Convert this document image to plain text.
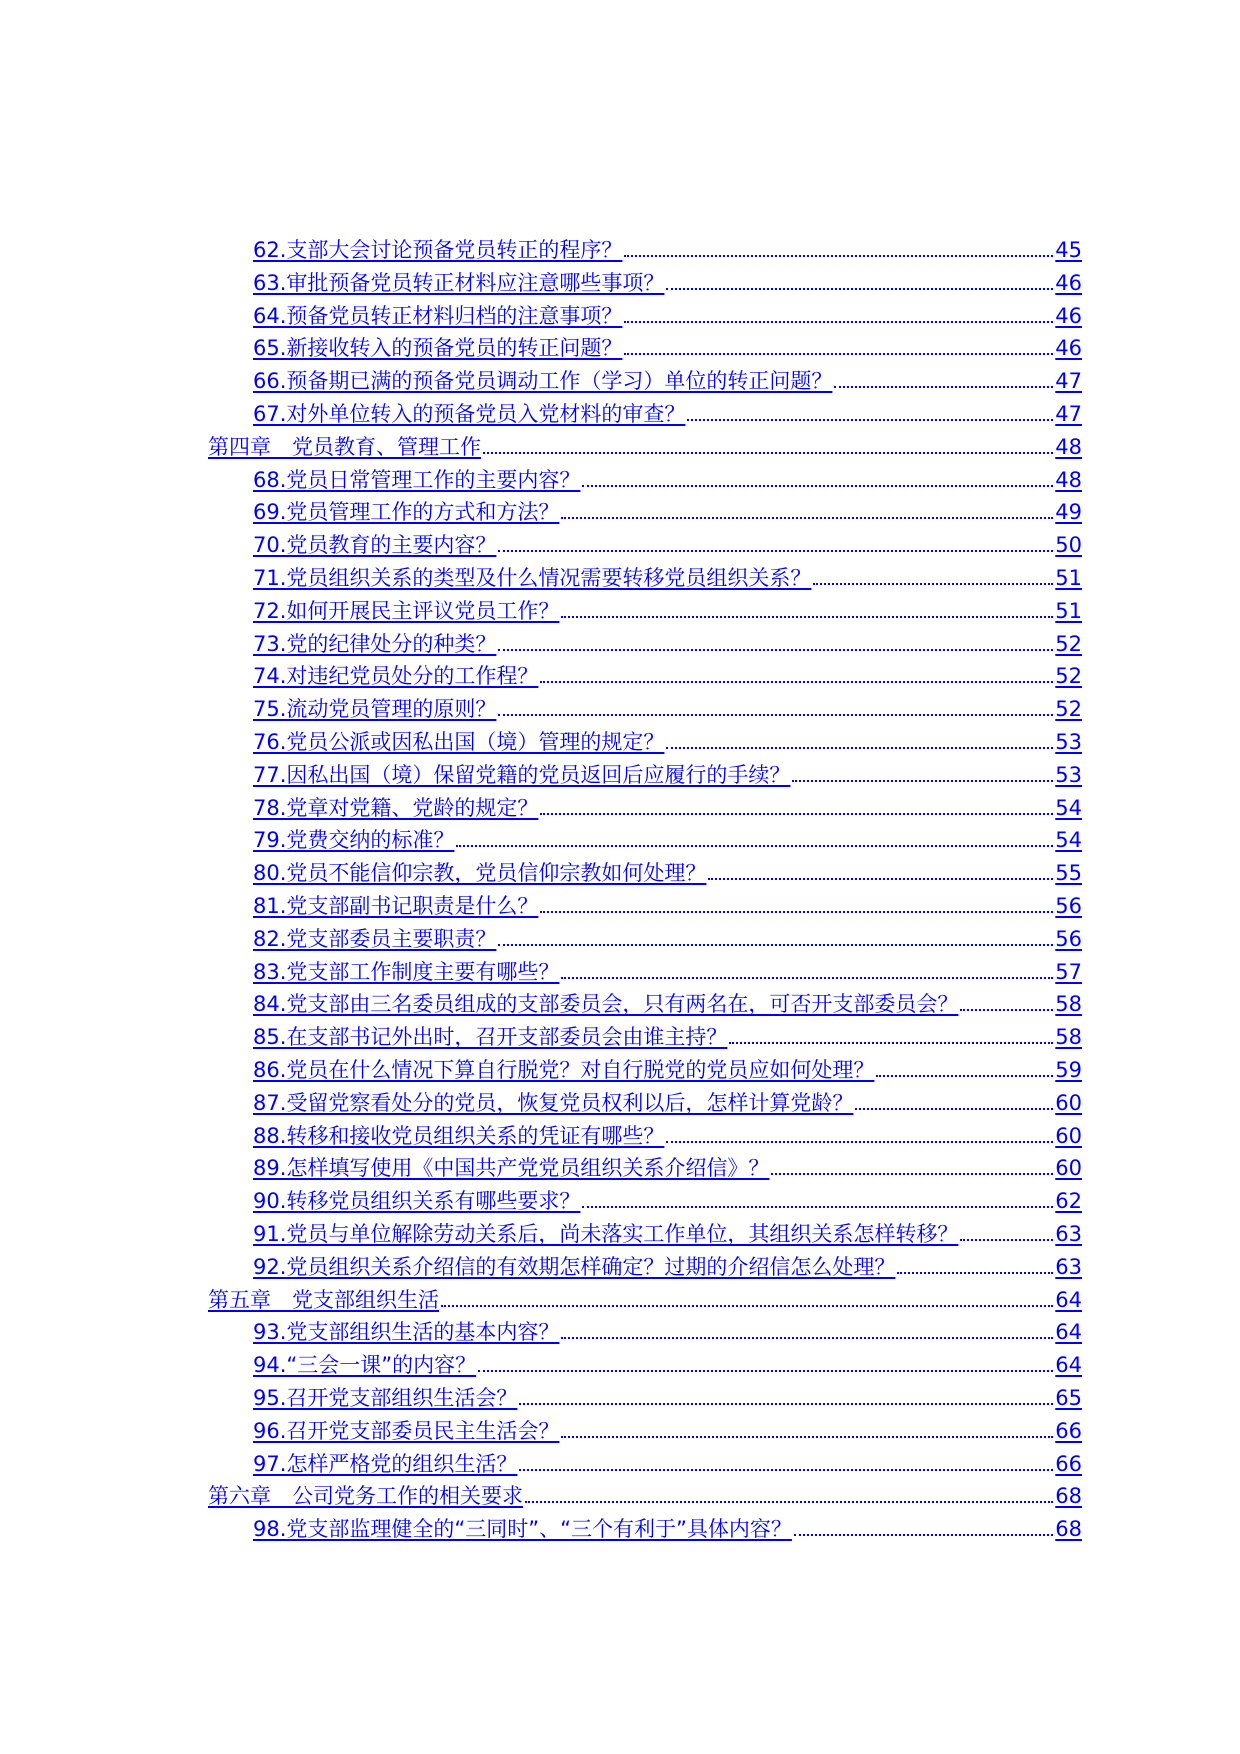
62.支部大会讨论预备党员转正的程序？	45
63.审批预备党员转正材料应注意哪些事项？	46
64.预备党员转正材料归档的注意事项？	46
65.新接收转入的预备党员的转正问题？	46
66.预备期已满的预备党员调动工作（学习）单位的转正问题？	47
67.对外单位转入的预备党员入党材料的审查？	47
第四章　党员教育、管理工作	48
68.党员日常管理工作的主要内容？	48
69.党员管理工作的方式和方法？	49
70.党员教育的主要内容？	50
71.党员组织关系的类型及什么情况需要转移党员组织关系？	51
72.如何开展民主评议党员工作？	51
73.党的纪律处分的种类？	52
74.对违纪党员处分的工作程？	52
75.流动党员管理的原则？	52
76.党员公派或因私出国（境）管理的规定？	53
77.因私出国（境）保留党籍的党员返回后应履行的手续？	53
78.党章对党籍、党龄的规定？	54
79.党费交纳的标准？	54
80.党员不能信仰宗教，党员信仰宗教如何处理？	55
81.党支部副书记职责是什么？	56
82.党支部委员主要职责？	56
83.党支部工作制度主要有哪些？	57
84.党支部由三名委员组成的支部委员会，只有两名在，可否开支部委员会？	58
85.在支部书记外出时，召开支部委员会由谁主持？	58
86.党员在什么情况下算自行脱党？对自行脱党的党员应如何处理？	59
87.受留党察看处分的党员，恢复党员权利以后，怎样计算党龄？	60
88.转移和接收党员组织关系的凭证有哪些？	60
89.怎样填写使用《中国共产党党员组织关系介绍信》？	60
90.转移党员组织关系有哪些要求？	62
91.党员与单位解除劳动关系后，尚未落实工作单位，其组织关系怎样转移？	63
92.党员组织关系介绍信的有效期怎样确定？过期的介绍信怎么处理？	63
第五章　党支部组织生活	64
93.党支部组织生活的基本内容？	64
94.“三会一课”的内容？	64
95.召开党支部组织生活会？	65
96.召开党支部委员民主生活会？	66
97.怎样严格党的组织生活？	66
第六章　公司党务工作的相关要求	68
98.党支部监理健全的“三同时”、“三个有利于”具体内容？	68
